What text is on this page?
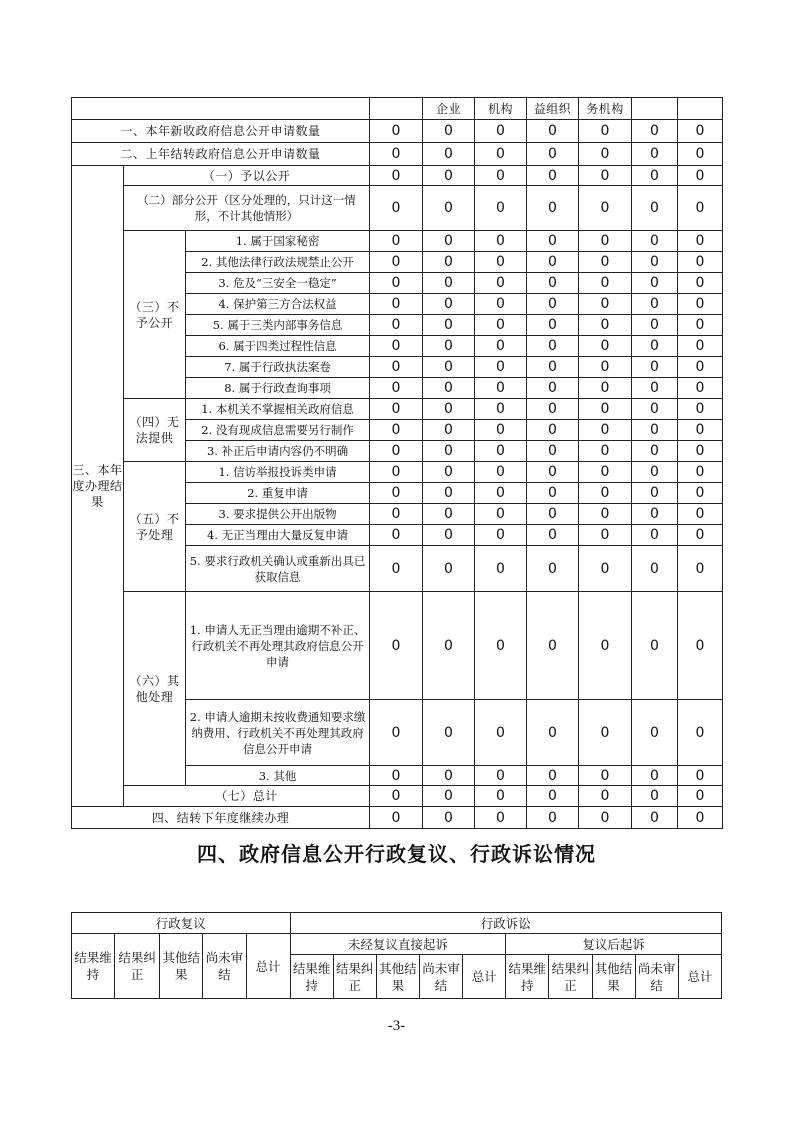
				企业	机构	益组织	务机构		
一、本年新收政府信息公开申请数量			0	0	0	0	0	0	0
二、上年结转政府信息公开申请数量			0	0	0	0	0	0	0
三、本年度办理结果	（一）予以公开		0	0	0	0	0	0	0
	（二）部分公开（区分处理的，只计这一情形，不计其他情形）		0	0	0	0	0	0	0
	（三）不予公开	1. 属于国家秘密	0	0	0	0	0	0	0
		2. 其他法律行政法规禁止公开	0	0	0	0	0	0	0
		3. 危及“三安全一稳定”	0	0	0	0	0	0	0
		4. 保护第三方合法权益	0	0	0	0	0	0	0
		5. 属于三类内部事务信息	0	0	0	0	0	0	0
		6. 属于四类过程性信息	0	0	0	0	0	0	0
		7. 属于行政执法案卷	0	0	0	0	0	0	0
		8. 属于行政查询事项	0	0	0	0	0	0	0
	（四）无法提供	1. 本机关不掌握相关政府信息	0	0	0	0	0	0	0
		2. 没有现成信息需要另行制作	0	0	0	0	0	0	0
		3. 补正后申请内容仍不明确	0	0	0	0	0	0	0
	（五）不予处理	1. 信访举报投诉类申请	0	0	0	0	0	0	0
		2. 重复申请	0	0	0	0	0	0	0
		3. 要求提供公开出版物	0	0	0	0	0	0	0
		4. 无正当理由大量反复申请	0	0	0	0	0	0	0
		5. 要求行政机关确认或重新出具已获取信息	0	0	0	0	0	0	0
	（六）其他处理	1. 申请人无正当理由逾期不补正、行政机关不再处理其政府信息公开申请	0	0	0	0	0	0	0
		2. 申请人逾期未按收费通知要求缴纳费用、行政机关不再处理其政府信息公开申请	0	0	0	0	0	0	0
		3. 其他	0	0	0	0	0	0	0
	（七）总计		0	0	0	0	0	0	0
四、结转下年度继续办理			0	0	0	0	0	0	0
四、政府信息公开行政复议、行政诉讼情况
行政复议					行政诉讼									
结果维持	结果纠正	其他结果	尚未审结	总计	未经复议直接起诉					复议后起诉				
					结果维持	结果纠正	其他结果	尚未审结	总计	结果维持	结果纠正	其他结果	尚未审结	总计
-3-
